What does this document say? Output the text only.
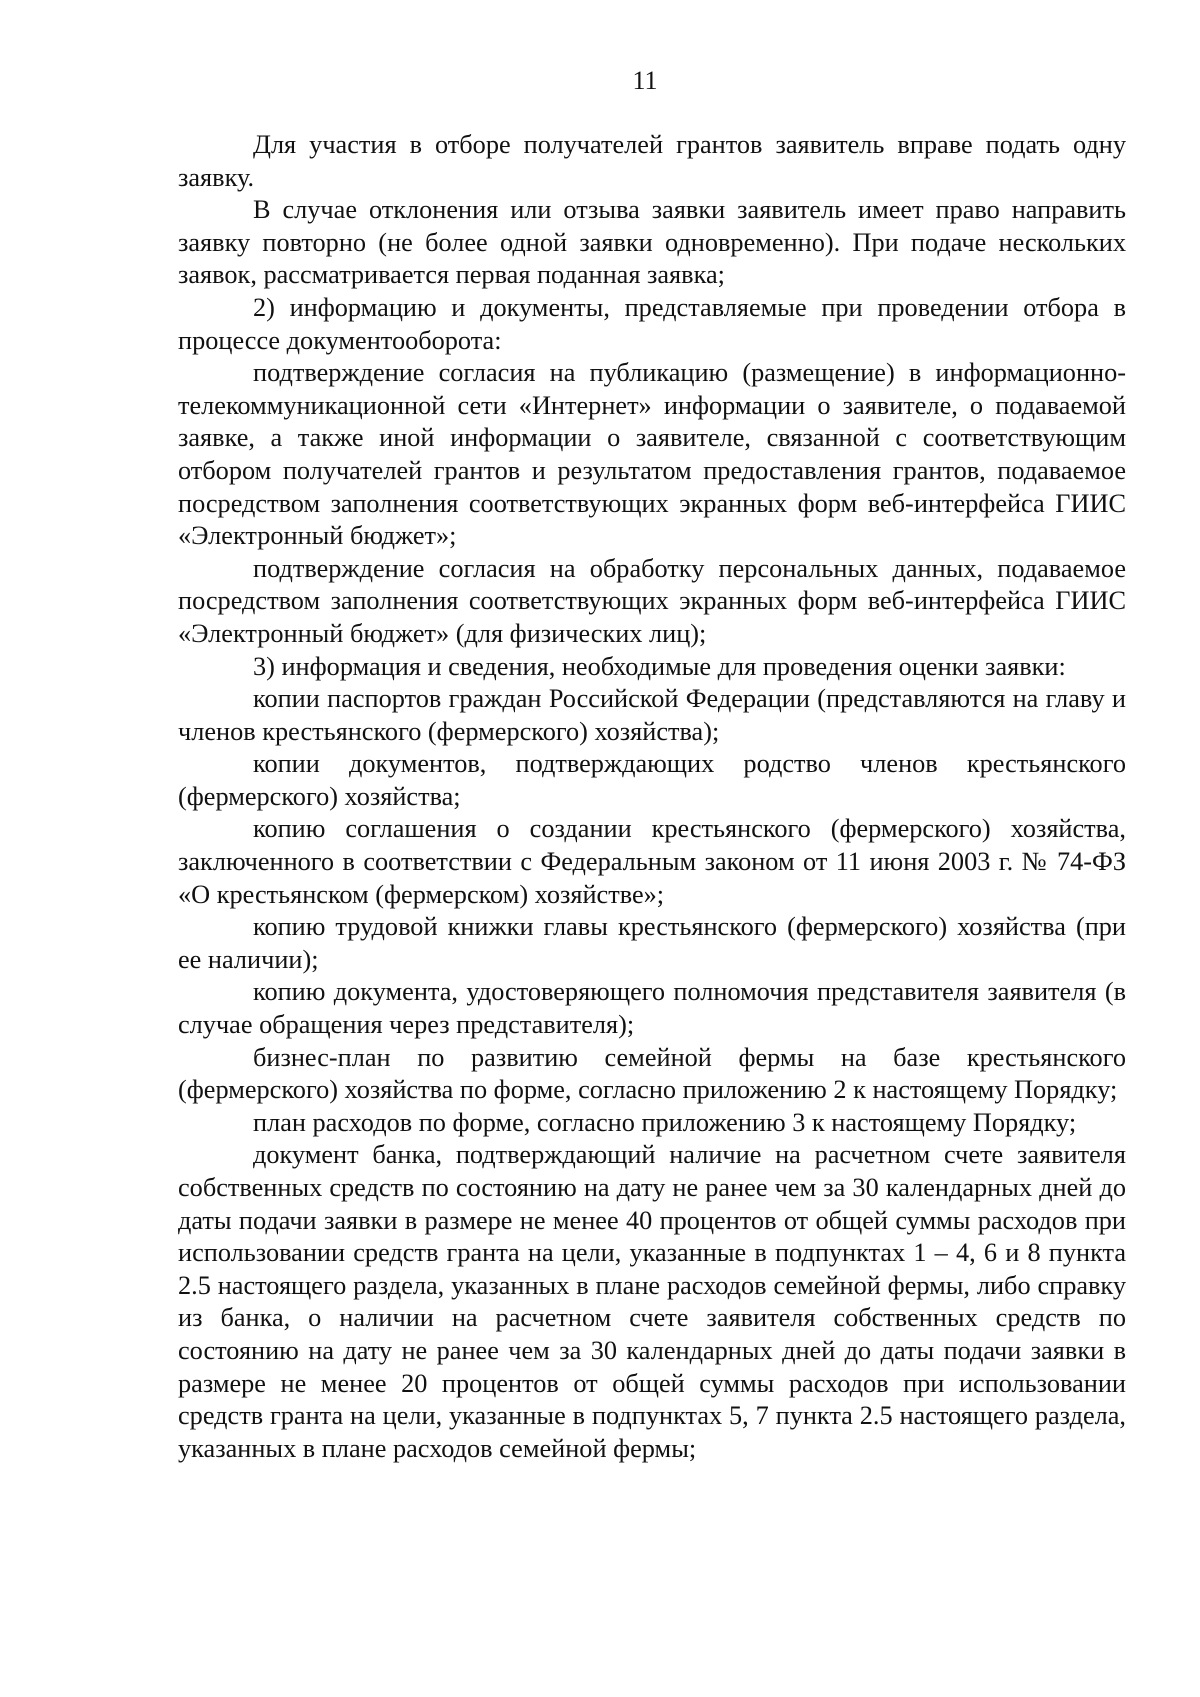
11

Для участия в отборе получателей грантов заявитель вправе подать одну заявку.

В случае отклонения или отзыва заявки заявитель имеет право направить заявку повторно (не более одной заявки одновременно). При подаче нескольких заявок, рассматривается первая поданная заявка;

2) информацию и документы, представляемые при проведении отбора в процессе документооборота:

подтверждение согласия на публикацию (размещение) в информационно-телекоммуникационной сети «Интернет» информации о заявителе, о подаваемой заявке, а также иной информации о заявителе, связанной с соответствующим отбором получателей грантов и результатом предоставления грантов, подаваемое посредством заполнения соответствующих экранных форм веб-интерфейса ГИИС «Электронный бюджет»;

подтверждение согласия на обработку персональных данных, подаваемое посредством заполнения соответствующих экранных форм веб-интерфейса ГИИС «Электронный бюджет» (для физических лиц);

3) информация и сведения, необходимые для проведения оценки заявки:

копии паспортов граждан Российской Федерации (представляются на главу и членов крестьянского (фермерского) хозяйства);

копии документов, подтверждающих родство членов крестьянского (фермерского) хозяйства;

копию соглашения о создании крестьянского (фермерского) хозяйства, заключенного в соответствии с Федеральным законом от 11 июня 2003 г. № 74-ФЗ «О крестьянском (фермерском) хозяйстве»;

копию трудовой книжки главы крестьянского (фермерского) хозяйства (при ее наличии);

копию документа, удостоверяющего полномочия представителя заявителя (в случае обращения через представителя);

бизнес-план по развитию семейной фермы на базе крестьянского (фермерского) хозяйства по форме, согласно приложению 2 к настоящему Порядку;

план расходов по форме, согласно приложению 3 к настоящему Порядку;

документ банка, подтверждающий наличие на расчетном счете заявителя собственных средств по состоянию на дату не ранее чем за 30 календарных дней до даты подачи заявки в размере не менее 40 процентов от общей суммы расходов при использовании средств гранта на цели, указанные в подпунктах 1 – 4, 6 и 8 пункта 2.5 настоящего раздела, указанных в плане расходов семейной фермы, либо справку из банка, о наличии на расчетном счете заявителя собственных средств по состоянию на дату не ранее чем за 30 календарных дней до даты подачи заявки в размере не менее 20 процентов от общей суммы расходов при использовании средств гранта на цели, указанные в подпунктах 5, 7 пункта 2.5 настоящего раздела, указанных в плане расходов семейной фермы;
